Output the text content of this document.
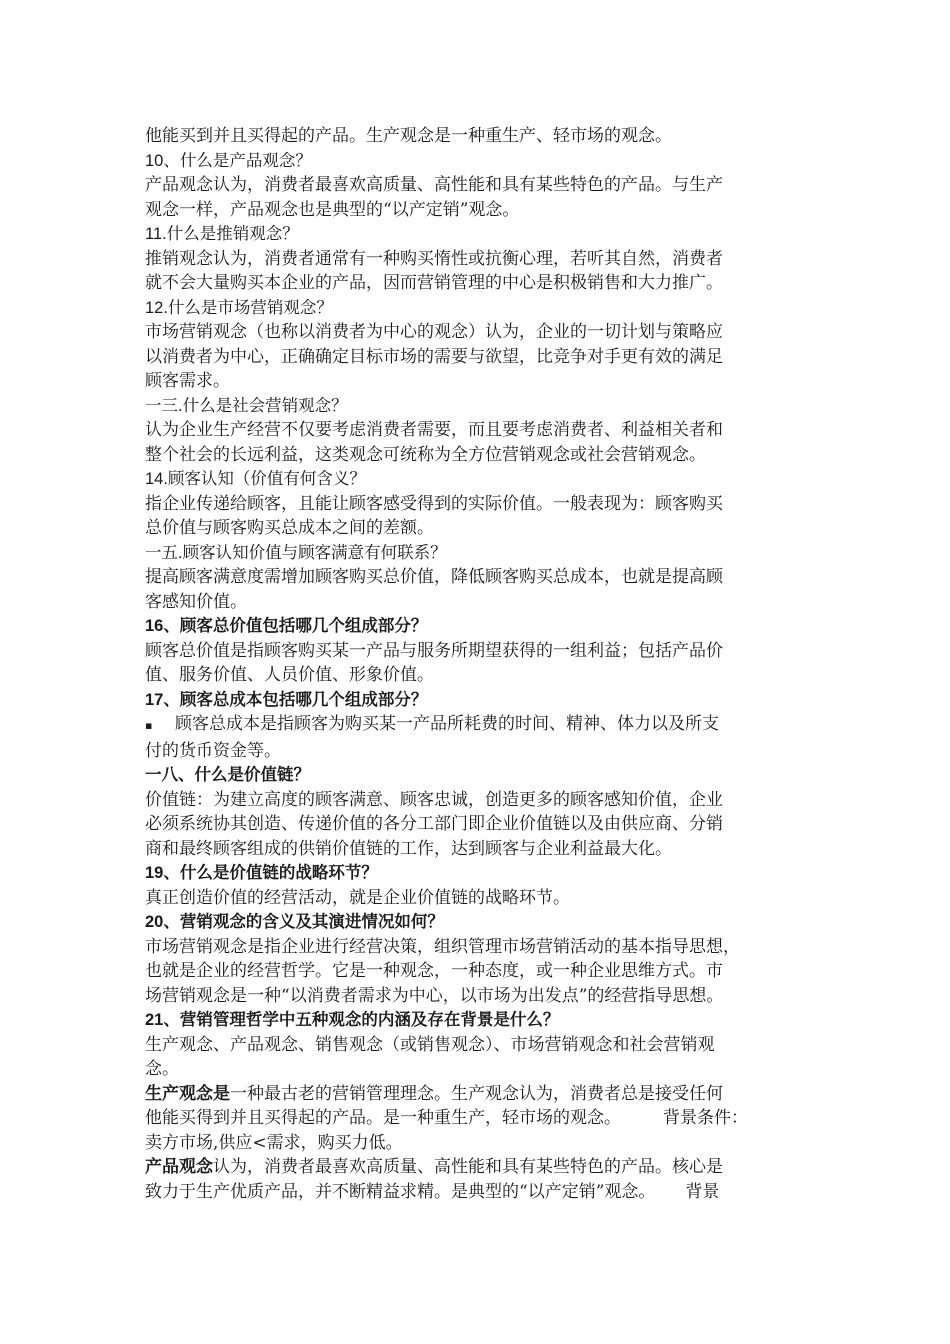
他能买到并且买得起的产品。生产观念是一种重生产、轻市场的观念。
10、什么是产品观念？
产品观念认为，消费者最喜欢高质量、高性能和具有某些特色的产品。与生产
观念一样，产品观念也是典型的“以产定销”观念。
11.什么是推销观念？
推销观念认为，消费者通常有一种购买惰性或抗衡心理，若听其自然，消费者
就不会大量购买本企业的产品，因而营销管理的中心是积极销售和大力推广。
12.什么是市场营销观念？
市场营销观念（也称以消费者为中心的观念）认为，企业的一切计划与策略应
以消费者为中心，正确确定目标市场的需要与欲望，比竞争对手更有效的满足
顾客需求。
一三.什么是社会营销观念？
认为企业生产经营不仅要考虑消费者需要，而且要考虑消费者、利益相关者和
整个社会的长远利益，这类观念可统称为全方位营销观念或社会营销观念。
14.顾客认知（价值有何含义？
指企业传递给顾客，且能让顾客感受得到的实际价值。一般表现为：顾客购买
总价值与顾客购买总成本之间的差额。
一五.顾客认知价值与顾客满意有何联系？
提高顾客满意度需增加顾客购买总价值，降低顾客购买总成本，也就是提高顾
客感知价值。
16、顾客总价值包括哪几个组成部分？
顾客总价值是指顾客购买某一产品与服务所期望获得的一组利益；包括产品价
值、服务价值、人员价值、形象价值。
17、顾客总成本包括哪几个组成部分？
▪ 顾客总成本是指顾客为购买某一产品所耗费的时间、精神、体力以及所支
付的货币资金等。
一八、什么是价值链？
价值链：为建立高度的顾客满意、顾客忠诚，创造更多的顾客感知价值，企业
必须系统协其创造、传递价值的各分工部门即企业价值链以及由供应商、分销
商和最终顾客组成的供销价值链的工作，达到顾客与企业利益最大化。
19、什么是价值链的战略环节？
真正创造价值的经营活动，就是企业价值链的战略环节。
20、营销观念的含义及其演进情况如何？
市场营销观念是指企业进行经营决策，组织管理市场营销活动的基本指导思想，
也就是企业的经营哲学。它是一种观念，一种态度，或一种企业思维方式。市
场营销观念是一种“以消费者需求为中心，以市场为出发点”的经营指导思想。
21、营销管理哲学中五种观念的内涵及存在背景是什么？
生产观念、产品观念、销售观念（或销售观念）、市场营销观念和社会营销观
念。
生产观念是一种最古老的营销管理理念。生产观念认为，消费者总是接受任何
他能买得到并且买得起的产品。是一种重生产，轻市场的观念。 背景条件：
卖方市场,供应<需求，购买力低。
产品观念认为，消费者最喜欢高质量、高性能和具有某些特色的产品。核心是
致力于生产优质产品，并不断精益求精。是典型的“以产定销”观念。 背景
